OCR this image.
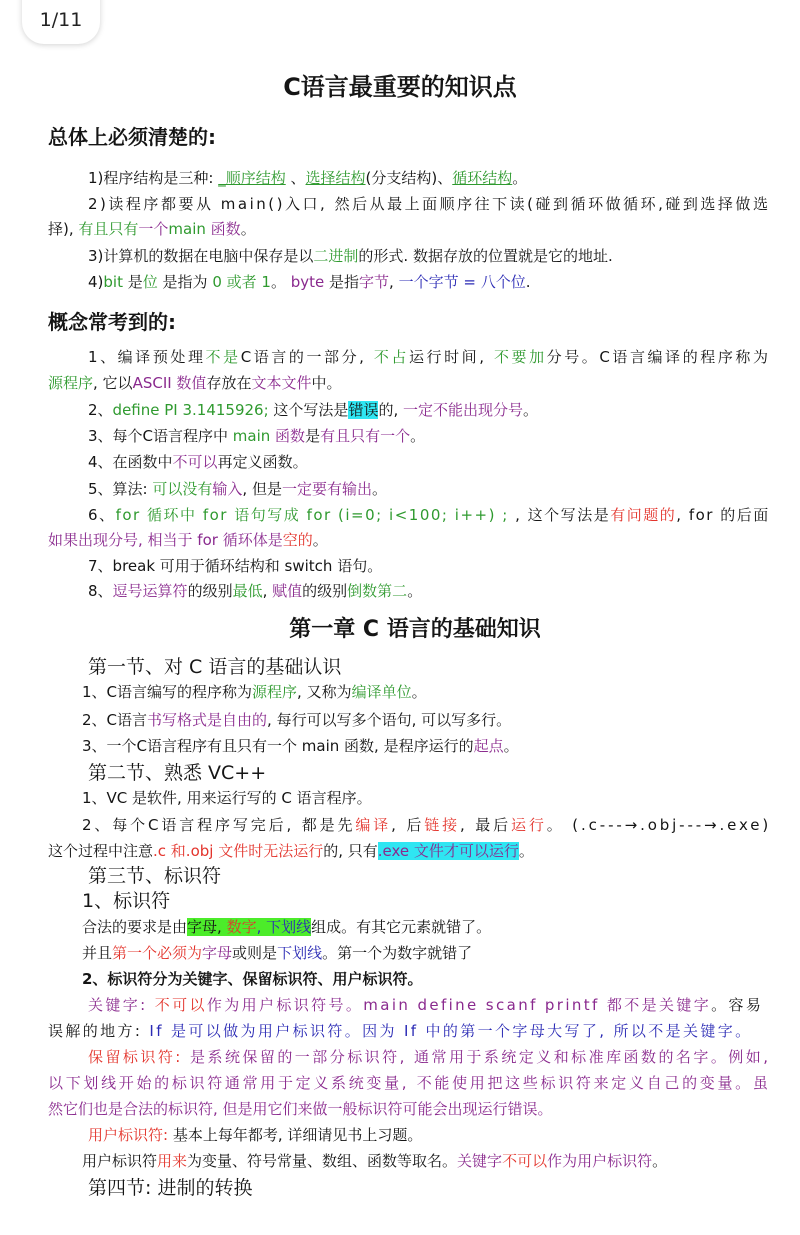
1/11
C语言最重要的知识点
总体上必须清楚的:
1)程序结构是三种: _顺序结构 、选择结构(分支结构)、循环结构。
2)读程序都要从 main()入口, 然后从最上面顺序往下读(碰到循环做循环,碰到选择做选
择), 有且只有一个main 函数。
3)计算机的数据在电脑中保存是以二进制的形式. 数据存放的位置就是它的地址.
4)bit 是位 是指为 0 或者 1。 byte 是指字节, 一个字节 = 八个位.
概念常考到的:
1、编译预处理不是C语言的一部分, 不占运行时间, 不要加分号。C语言编译的程序称为
源程序, 它以ASCII 数值存放在文本文件中。
2、define PI 3.1415926; 这个写法是错误的, 一定不能出现分号。
3、每个C语言程序中 main 函数是有且只有一个。
4、在函数中不可以再定义函数。
5、算法: 可以没有输入, 但是一定要有输出。
6、for 循环中 for 语句写成 for (i=0; i<100; i++) ; , 这个写法是有问题的, for 的后面
如果出现分号, 相当于 for 循环体是空的。
7、break 可用于循环结构和 switch 语句。
8、逗号运算符的级别最低, 赋值的级别倒数第二。
第一章 C 语言的基础知识
第一节、对 C 语言的基础认识
1、C语言编写的程序称为源程序, 又称为编译单位。
2、C语言书写格式是自由的, 每行可以写多个语句, 可以写多行。
3、一个C语言程序有且只有一个 main 函数, 是程序运行的起点。
第二节、熟悉 VC++
1、VC 是软件, 用来运行写的 C 语言程序。
2、每个C语言程序写完后, 都是先编译, 后链接, 最后运行。 (.c---→.obj---→.exe)
这个过程中注意.c 和.obj 文件时无法运行的, 只有.exe 文件才可以运行。
第三节、标识符
1、标识符
合法的要求是由字母, 数字, 下划线组成。有其它元素就错了。
并且第一个必须为字母或则是下划线。第一个为数字就错了
2、标识符分为关键字、保留标识符、用户标识符。
关键字: 不可以作为用户标识符号。main define scanf printf 都不是关键字。容易
误解的地方: If 是可以做为用户标识符。因为 If 中的第一个字母大写了, 所以不是关键字。
保留标识符: 是系统保留的一部分标识符, 通常用于系统定义和标准库函数的名字。例如,
以下划线开始的标识符通常用于定义系统变量, 不能使用把这些标识符来定义自己的变量。虽
然它们也是合法的标识符, 但是用它们来做一般标识符可能会出现运行错误。
用户标识符: 基本上每年都考, 详细请见书上习题。
用户标识符用来为变量、符号常量、数组、函数等取名。关键字不可以作为用户标识符。
第四节: 进制的转换
